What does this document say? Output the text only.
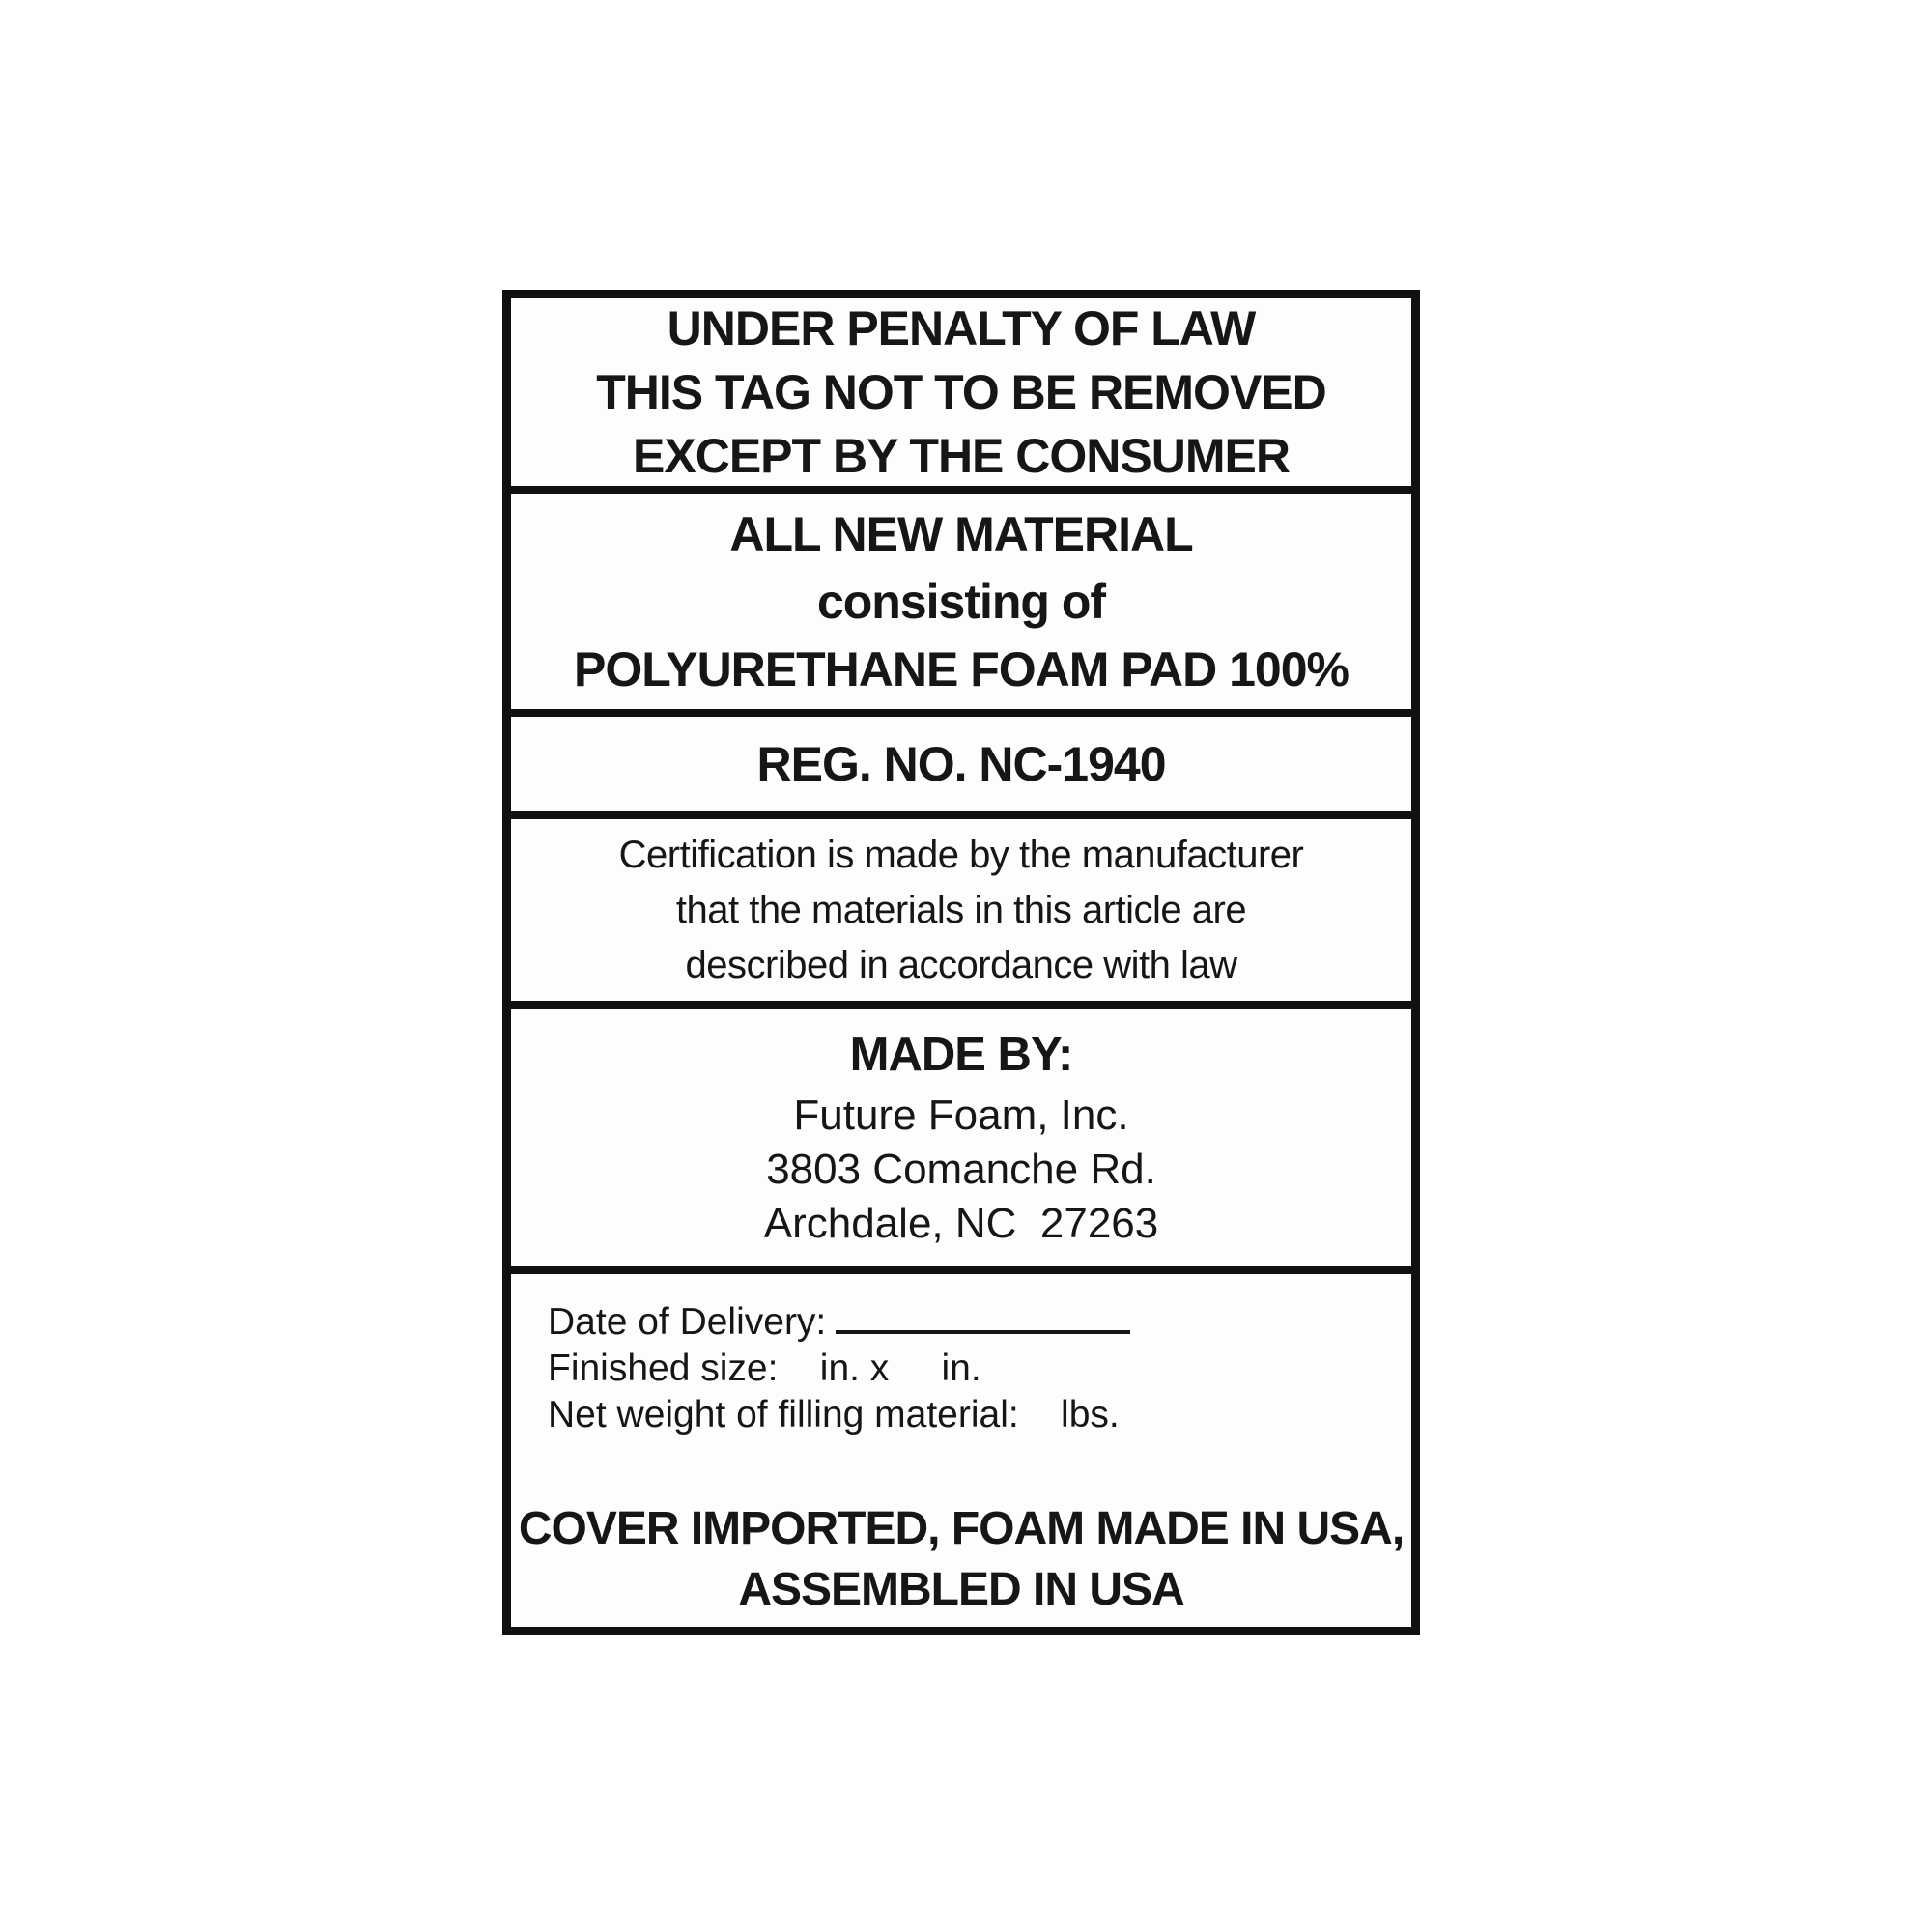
UNDER PENALTY OF LAW
THIS TAG NOT TO BE REMOVED
EXCEPT BY THE CONSUMER
ALL NEW MATERIAL
consisting of
POLYURETHANE FOAM PAD 100%
REG. NO. NC-1940
Certification is made by the manufacturer
that the materials in this article are
described in accordance with law
MADE BY:
Future Foam, Inc.
3803 Comanche Rd.
Archdale, NC  27263
Date of Delivery:
Finished size:    in. x     in.
Net weight of filling material:    lbs.
COVER IMPORTED, FOAM MADE IN USA,
ASSEMBLED IN USA
